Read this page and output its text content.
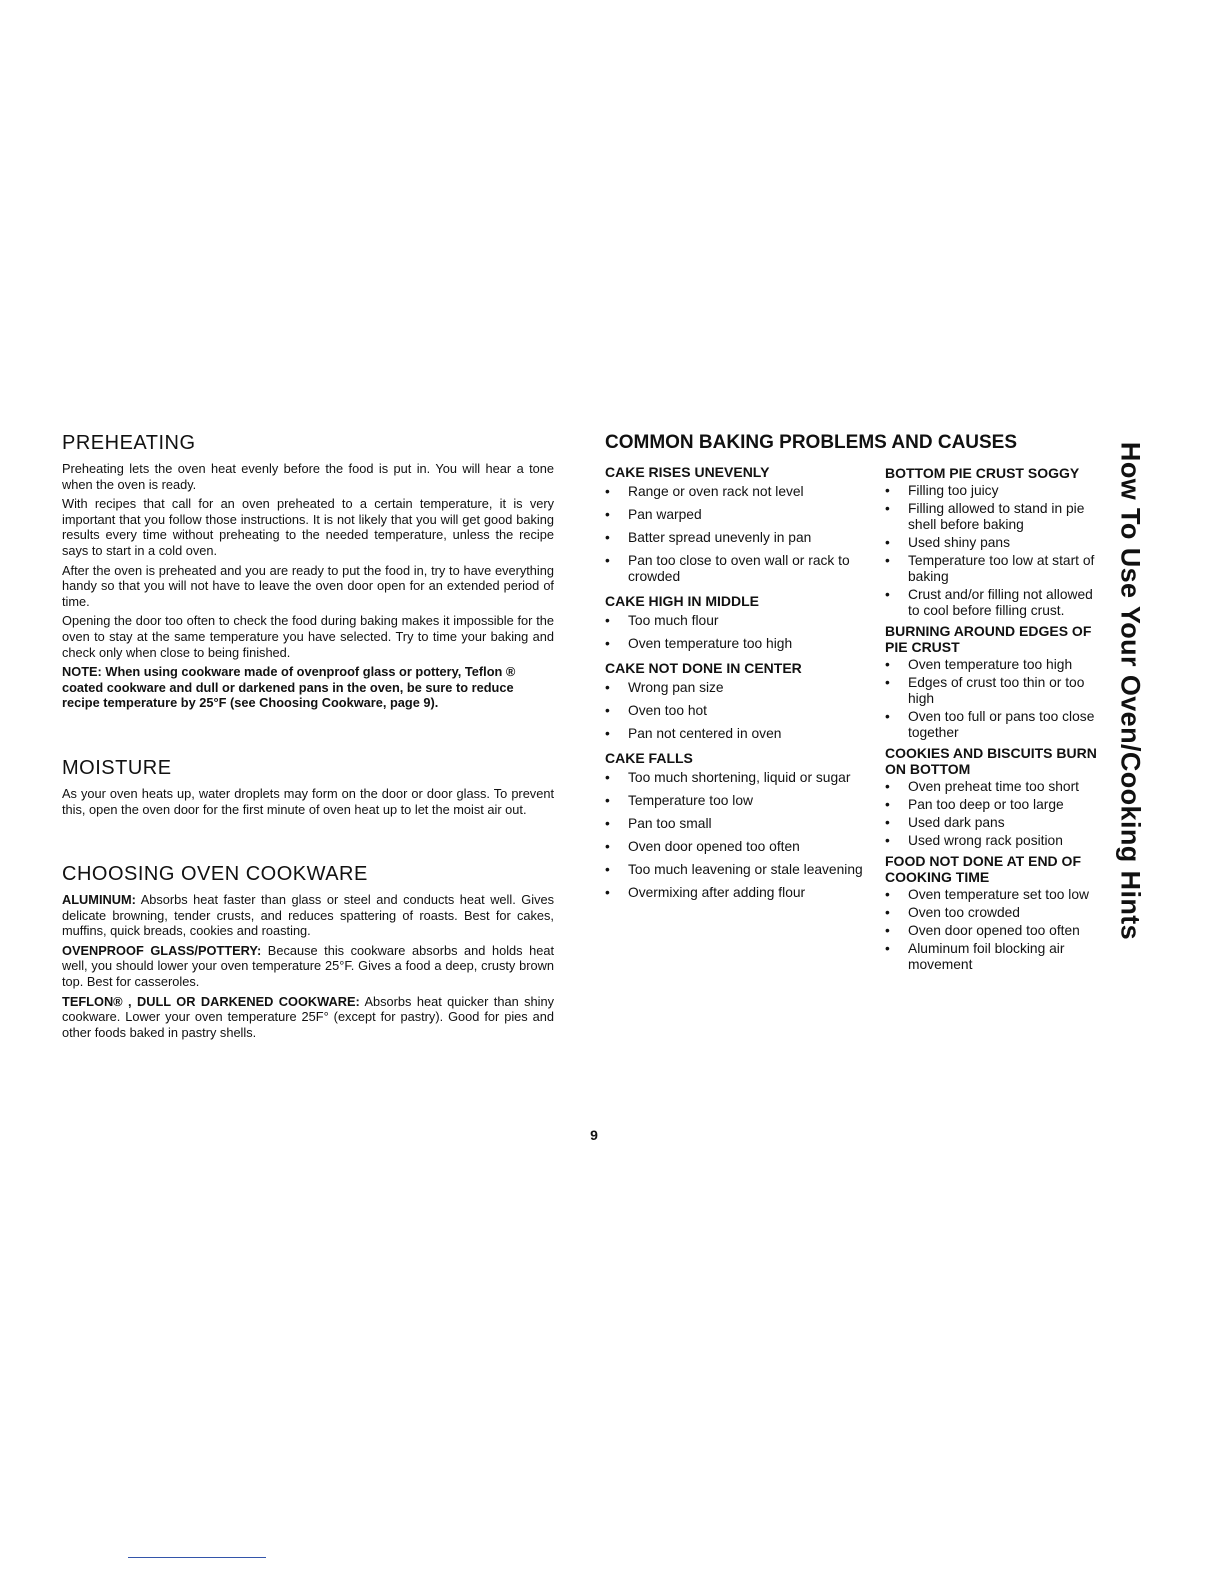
PREHEATING

Preheating lets the oven heat evenly before the food is put in. You will hear a tone when the oven is ready.

With recipes that call for an oven preheated to a certain temperature, it is very important that you follow those instructions. It is not likely that you will get good baking results every time without preheating to the needed temperature, unless the recipe says to start in a cold oven.

After the oven is preheated and you are ready to put the food in, try to have everything handy so that you will not have to leave the oven door open for an extended period of time.

Opening the door too often to check the food during baking makes it impossible for the oven to stay at the same temperature you have selected. Try to time your baking and check only when close to being finished.

NOTE: When using cookware made of ovenproof glass or pottery, Teflon ® coated cookware and dull or darkened pans in the oven, be sure to reduce recipe temperature by 25°F (see Choosing Cookware, page 9).

MOISTURE

As your oven heats up, water droplets may form on the door or door glass. To prevent this, open the oven door for the first minute of oven heat up to let the moist air out.

CHOOSING OVEN COOKWARE

ALUMINUM: Absorbs heat faster than glass or steel and conducts heat well. Gives delicate browning, tender crusts, and reduces spattering of roasts. Best for cakes, muffins, quick breads, cookies and roasting.

OVENPROOF GLASS/POTTERY: Because this cookware absorbs and holds heat well, you should lower your oven temperature 25°F. Gives a food a deep, crusty brown top. Best for casseroles.

TEFLON® , DULL OR DARKENED COOKWARE: Absorbs heat quicker than shiny cookware. Lower your oven temperature 25F° (except for pastry). Good for pies and other foods baked in pastry shells.

COMMON BAKING PROBLEMS AND CAUSES
CAKE RISES UNEVENLY
• Range or oven rack not level
• Pan warped
• Batter spread unevenly in pan
• Pan too close to oven wall or rack to crowded
CAKE HIGH IN MIDDLE
• Too much flour
• Oven temperature too high
CAKE NOT DONE IN CENTER
• Wrong pan size
• Oven too hot
• Pan not centered in oven
CAKE FALLS
• Too much shortening, liquid or sugar
• Temperature too low
• Pan too small
• Oven door opened too often
• Too much leavening or stale leavening
• Overmixing after adding flour
BOTTOM PIE CRUST SOGGY
• Filling too juicy
• Filling allowed to stand in pie shell before baking
• Used shiny pans
• Temperature too low at start of baking
• Crust and/or filling not allowed to cool before filling crust.
BURNING AROUND EDGES OF PIE CRUST
• Oven temperature too high
• Edges of crust too thin or too high
• Oven too full or pans too close together
COOKIES AND BISCUITS BURN ON BOTTOM
• Oven preheat time too short
• Pan too deep or too large
• Used dark pans
• Used wrong rack position
FOOD NOT DONE AT END OF COOKING TIME
• Oven temperature set too low
• Oven too crowded
• Oven door opened too often
• Aluminum foil blocking air movement
How To Use Your Oven/Cooking Hints
9
